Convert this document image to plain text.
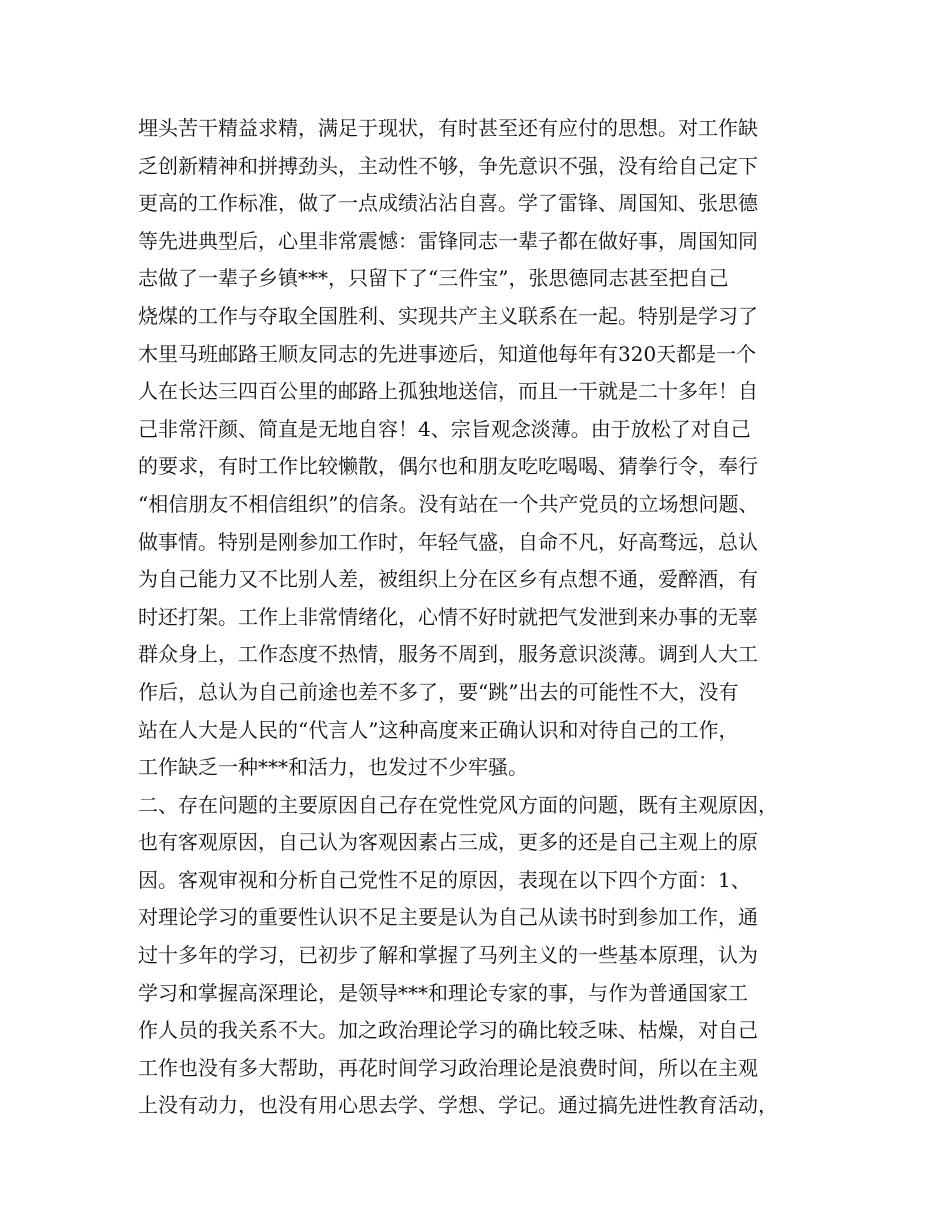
埋头苦干精益求精，满足于现状，有时甚至还有应付的思想。对工作缺
乏创新精神和拼搏劲头，主动性不够，争先意识不强，没有给自己定下
更高的工作标准，做了一点成绩沾沾自喜。学了雷锋、周国知、张思德
等先进典型后，心里非常震憾：雷锋同志一辈子都在做好事，周国知同
志做了一辈子乡镇***，只留下了“三件宝”，张思德同志甚至把自己
烧煤的工作与夺取全国胜利、实现共产主义联系在一起。特别是学习了
木里马班邮路王顺友同志的先进事迹后，知道他每年有320天都是一个
人在长达三四百公里的邮路上孤独地送信，而且一干就是二十多年！自
己非常汗颜、简直是无地自容！4、宗旨观念淡薄。由于放松了对自己
的要求，有时工作比较懒散，偶尔也和朋友吃吃喝喝、猜拳行令，奉行
“相信朋友不相信组织”的信条。没有站在一个共产党员的立场想问题、
做事情。特别是刚参加工作时，年轻气盛，自命不凡，好高骛远，总认
为自己能力又不比别人差，被组织上分在区乡有点想不通，爱醉酒，有
时还打架。工作上非常情绪化，心情不好时就把气发泄到来办事的无辜
群众身上，工作态度不热情，服务不周到，服务意识淡薄。调到人大工
作后，总认为自己前途也差不多了，要“跳”出去的可能性不大，没有
站在人大是人民的“代言人”这种高度来正确认识和对待自己的工作，
工作缺乏一种***和活力，也发过不少牢骚。
二、存在问题的主要原因自己存在党性党风方面的问题，既有主观原因，
也有客观原因，自己认为客观因素占三成，更多的还是自己主观上的原
因。客观审视和分析自己党性不足的原因，表现在以下四个方面：1、
对理论学习的重要性认识不足主要是认为自己从读书时到参加工作，通
过十多年的学习，已初步了解和掌握了马列主义的一些基本原理，认为
学习和掌握高深理论，是领导***和理论专家的事，与作为普通国家工
作人员的我关系不大。加之政治理论学习的确比较乏味、枯燥，对自己
工作也没有多大帮助，再花时间学习政治理论是浪费时间，所以在主观
上没有动力，也没有用心思去学、学想、学记。通过搞先进性教育活动，
